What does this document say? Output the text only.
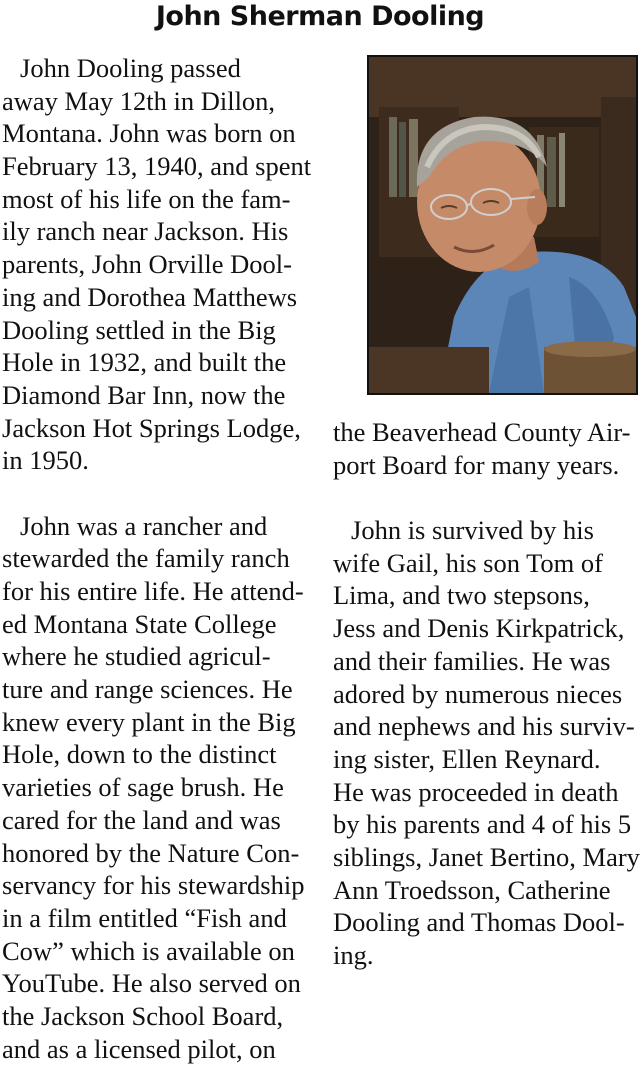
John Sherman Dooling
John Dooling passed
away May 12th in Dillon,
Montana. John was born on
February 13, 1940, and spent
most of his life on the fam-
ily ranch near Jackson. His
parents, John Orville Dool-
ing and Dorothea Matthews
Dooling settled in the Big
Hole in 1932, and built the
Diamond Bar Inn, now the
Jackson Hot Springs Lodge,
in 1950.
John was a rancher and
stewarded the family ranch
for his entire life. He attend-
ed Montana State College
where he studied agricul-
ture and range sciences. He
knew every plant in the Big
Hole, down to the distinct
varieties of sage brush. He
cared for the land and was
honored by the Nature Con-
servancy for his stewardship
in a film entitled “Fish and
Cow” which is available on
YouTube. He also served on
the Jackson School Board,
and as a licensed pilot, on
the Beaverhead County Air-
port Board for many years.
John is survived by his
wife Gail, his son Tom of
Lima, and two stepsons,
Jess and Denis Kirkpatrick,
and their families. He was
adored by numerous nieces
and nephews and his surviv-
ing sister, Ellen Reynard.
He was proceeded in death
by his parents and 4 of his 5
siblings, Janet Bertino, Mary
Ann Troedsson, Catherine
Dooling and Thomas Dool-
ing.
